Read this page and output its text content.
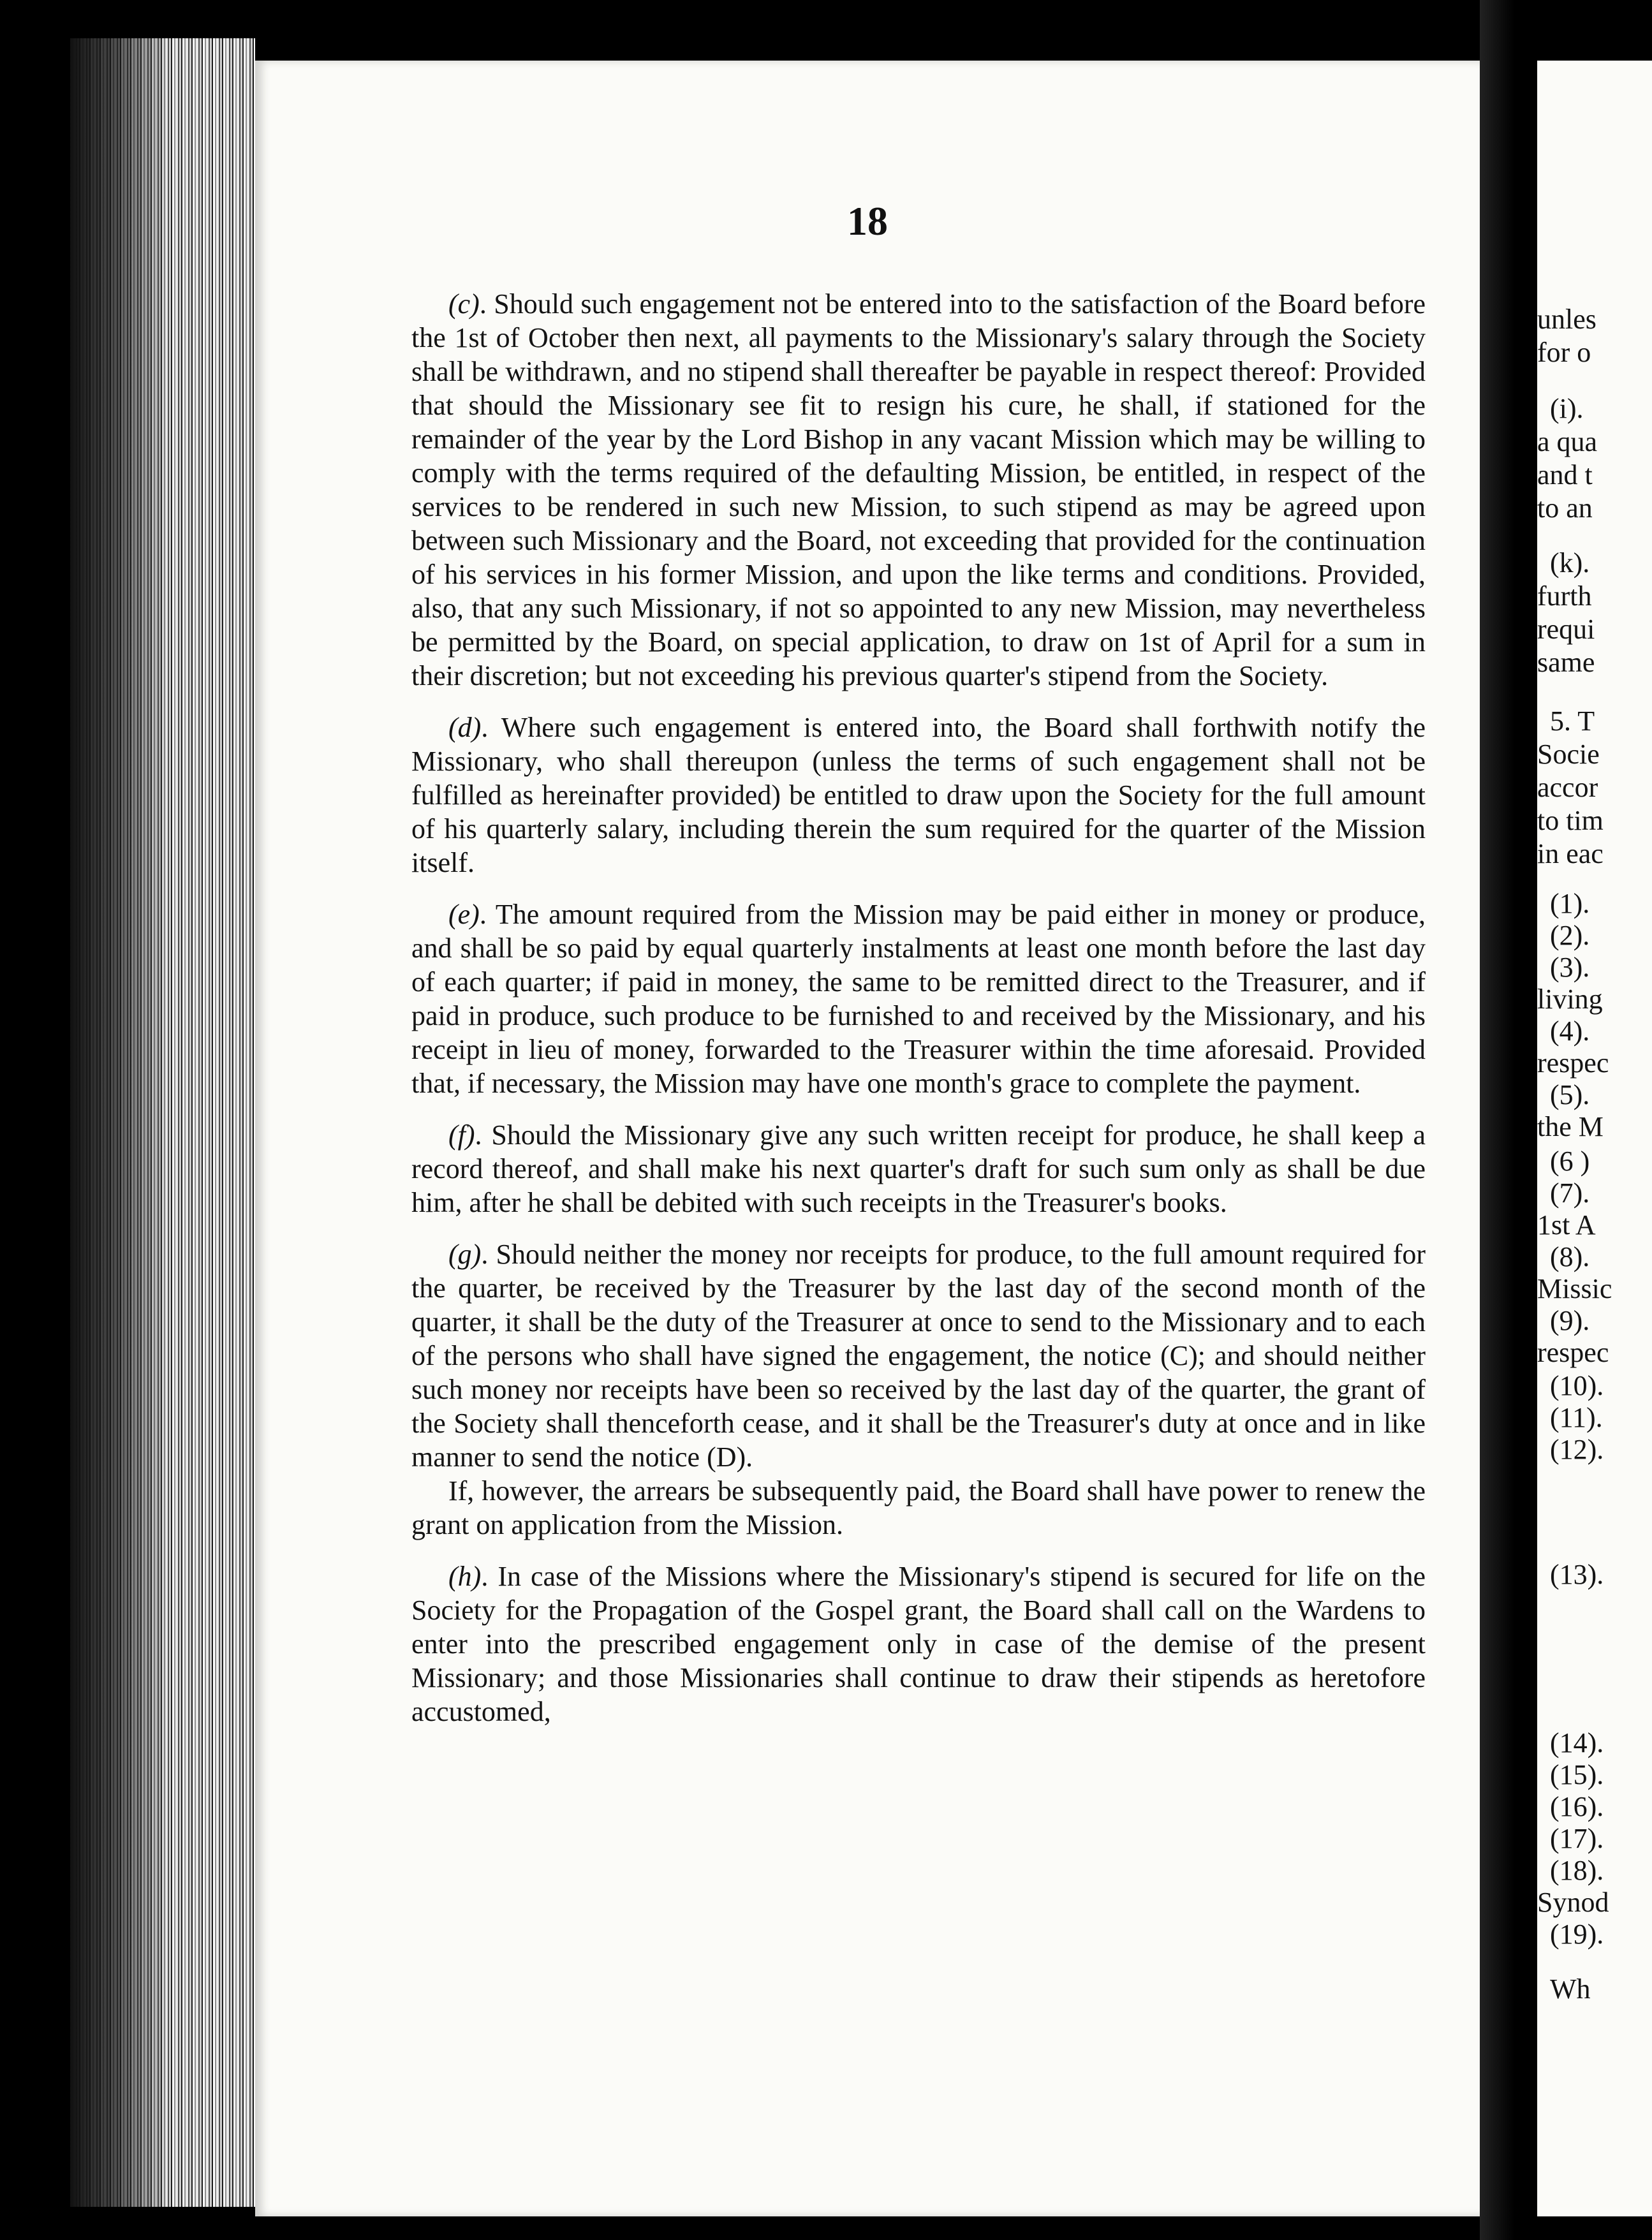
18

(c). Should such engagement not be entered into to the satisfaction of the Board before the 1st of October then next, all payments to the Missionary's salary through the Society shall be withdrawn, and no stipend shall thereafter be payable in respect thereof: Provided that should the Missionary see fit to resign his cure, he shall, if stationed for the remainder of the year by the Lord Bishop in any vacant Mission which may be willing to comply with the terms required of the defaulting Mission, be entitled, in respect of the services to be rendered in such new Mission, to such stipend as may be agreed upon between such Missionary and the Board, not exceeding that provided for the continuation of his services in his former Mission, and upon the like terms and conditions. Provided, also, that any such Missionary, if not so appointed to any new Mission, may nevertheless be permitted by the Board, on special application, to draw on 1st of April for a sum in their discretion; but not exceeding his previous quarter's stipend from the Society.

(d). Where such engagement is entered into, the Board shall forthwith notify the Missionary, who shall thereupon (unless the terms of such engagement shall not be fulfilled as hereinafter provided) be entitled to draw upon the Society for the full amount of his quarterly salary, including therein the sum required for the quarter of the Mission itself.

(e). The amount required from the Mission may be paid either in money or produce, and shall be so paid by equal quarterly instalments at least one month before the last day of each quarter; if paid in money, the same to be remitted direct to the Treasurer, and if paid in produce, such produce to be furnished to and received by the Missionary, and his receipt in lieu of money, forwarded to the Treasurer within the time aforesaid. Provided that, if necessary, the Mission may have one month's grace to complete the payment.

(f). Should the Missionary give any such written receipt for produce, he shall keep a record thereof, and shall make his next quarter's draft for such sum only as shall be due him, after he shall be debited with such receipts in the Treasurer's books.

(g). Should neither the money nor receipts for produce, to the full amount required for the quarter, be received by the Treasurer by the last day of the second month of the quarter, it shall be the duty of the Treasurer at once to send to the Missionary and to each of the persons who shall have signed the engagement, the notice (C); and should neither such money nor receipts have been so received by the last day of the quarter, the grant of the Society shall thenceforth cease, and it shall be the Treasurer's duty at once and in like manner to send the notice (D).

If, however, the arrears be subsequently paid, the Board shall have power to renew the grant on application from the Mission.

(h). In case of the Missions where the Missionary's stipend is secured for life on the Society for the Propagation of the Gospel grant, the Board shall call on the Wardens to enter into the prescribed engagement only in case of the demise of the present Missionary; and those Missionaries shall continue to draw their stipends as heretofore accustomed,

unles
for o
(i).
a qua
and t
to an
(k).
furth
requi
same
5. T
Socie
accor
to tim
in eac
(1).
(2).
(3).
living
(4).
respec
(5).
the M
(6 )
(7).
1st A
(8).
Missic
(9).
respec
(10).
(11).
(12).
(13).
(14).
(15).
(16).
(17).
(18).
Synod
(19).
Wh
